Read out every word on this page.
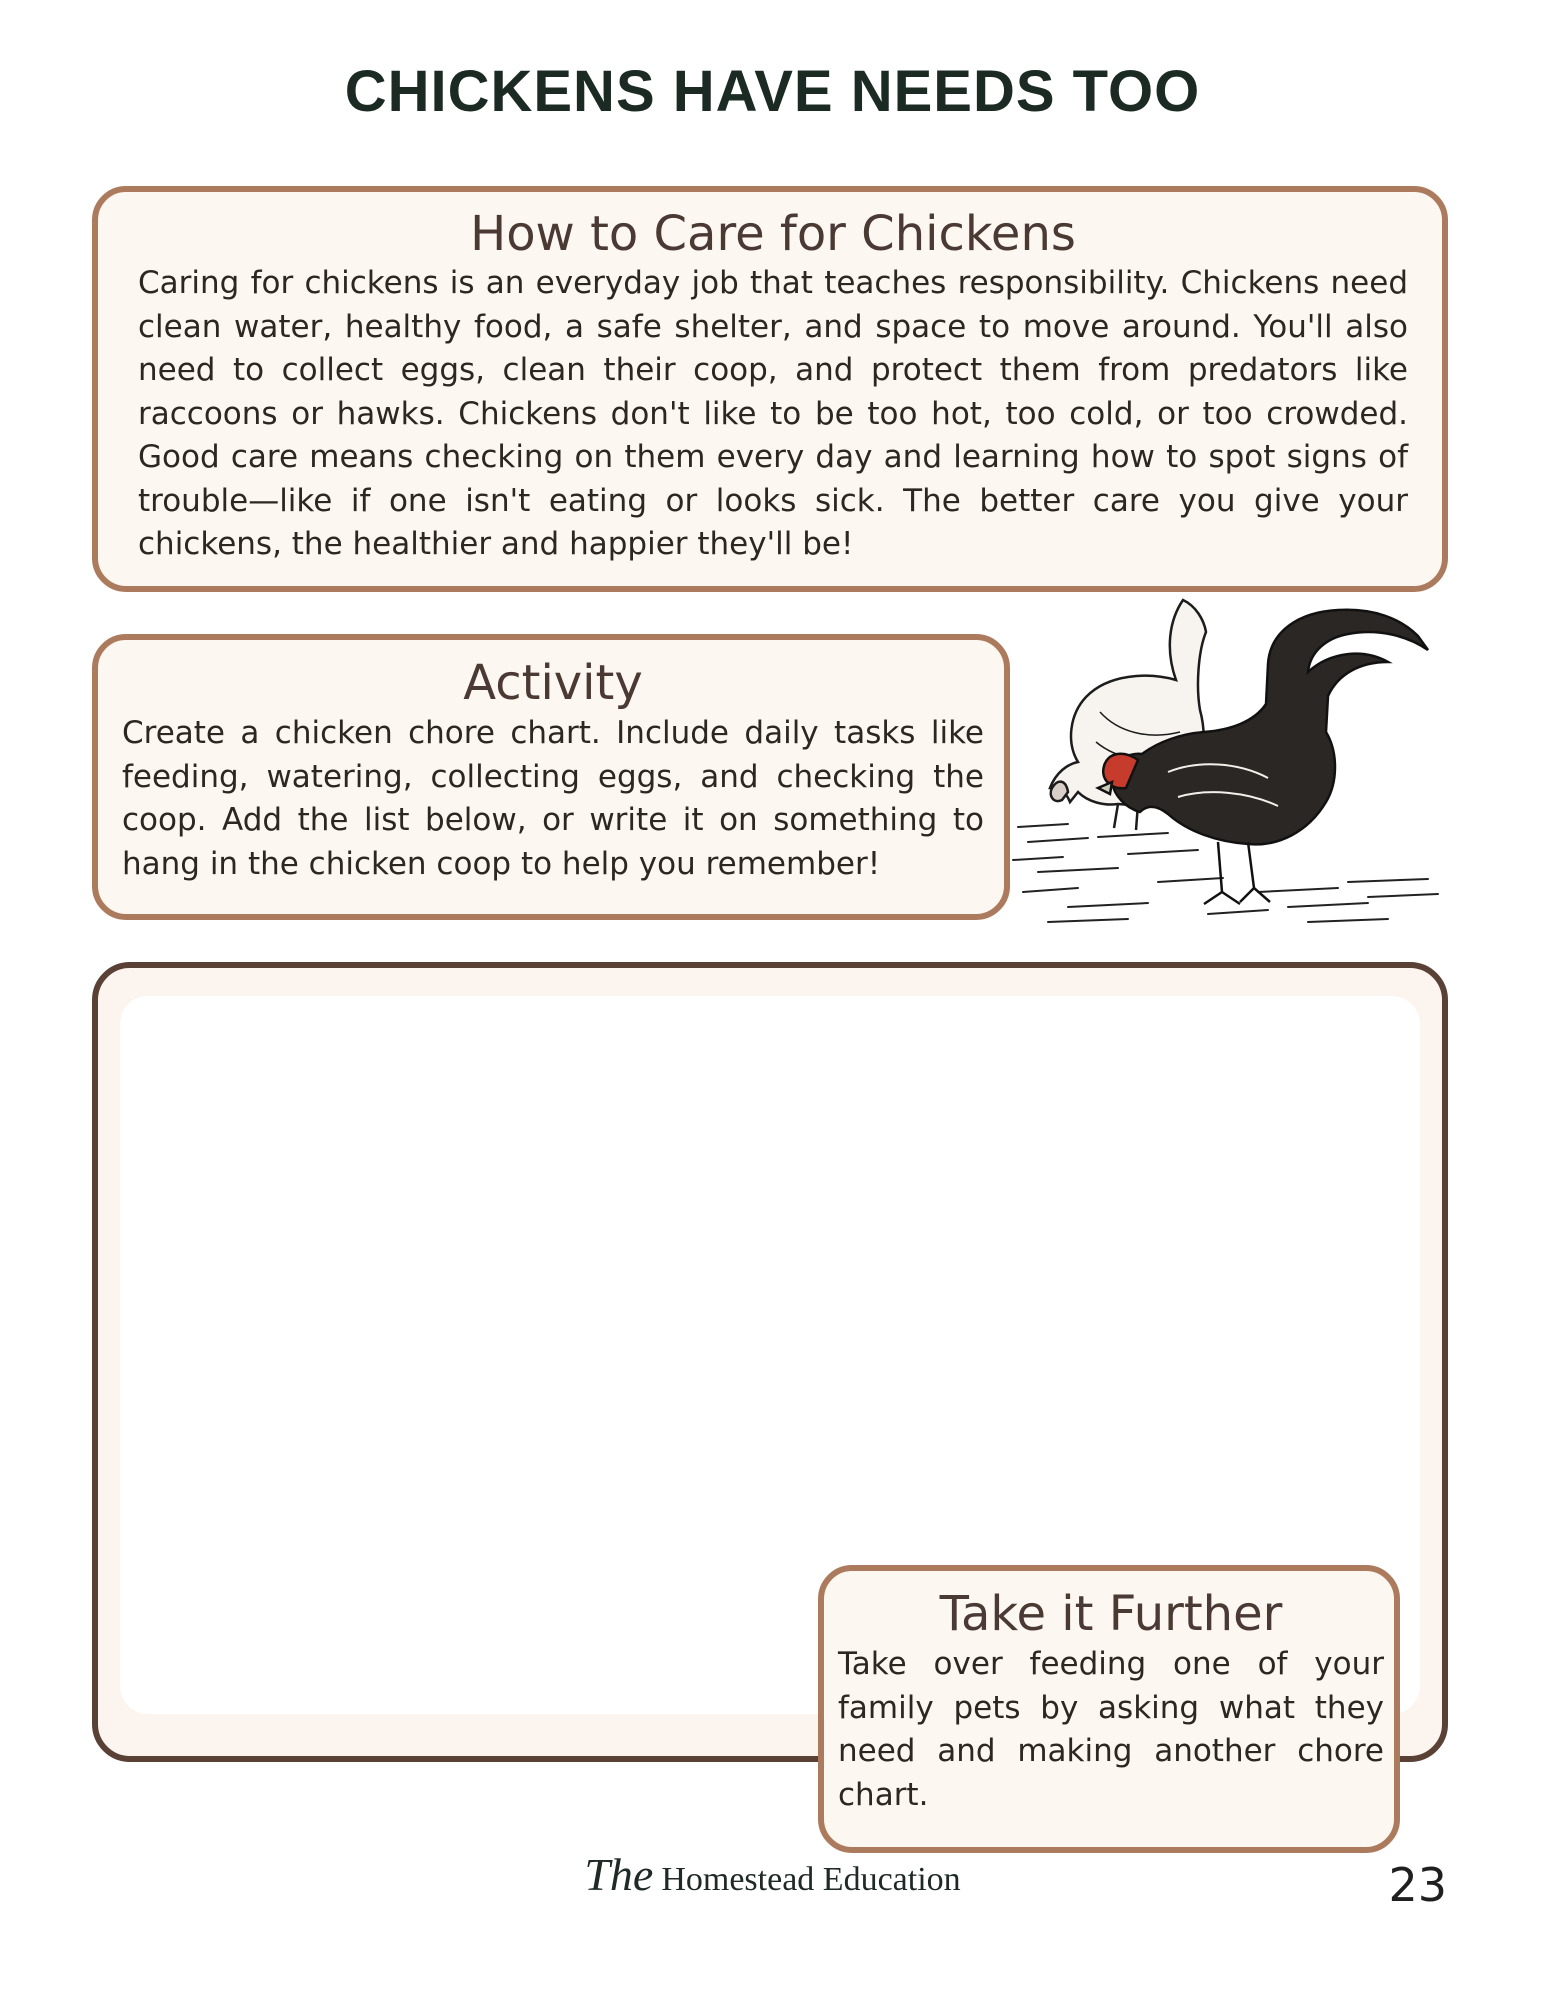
CHICKENS HAVE NEEDS TOO
How to Care for Chickens

Caring for chickens is an everyday job that teaches responsibility. Chickens need clean water, healthy food, a safe shelter, and space to move around. You'll also need to collect eggs, clean their coop, and protect them from predators like raccoons or hawks. Chickens don't like to be too hot, too cold, or too crowded. Good care means checking on them every day and learning how to spot signs of trouble—like if one isn't eating or looks sick. The better care you give your chickens, the healthier and happier they'll be!

Activity

Create a chicken chore chart. Include daily tasks like feeding, watering, collecting eggs, and checking the coop. Add the list below, or write it on something to hang in the chicken coop to help you remember!

Take it Further

Take over feeding one of your family pets by asking what they need and making another chore chart.

The Homestead Education	23
